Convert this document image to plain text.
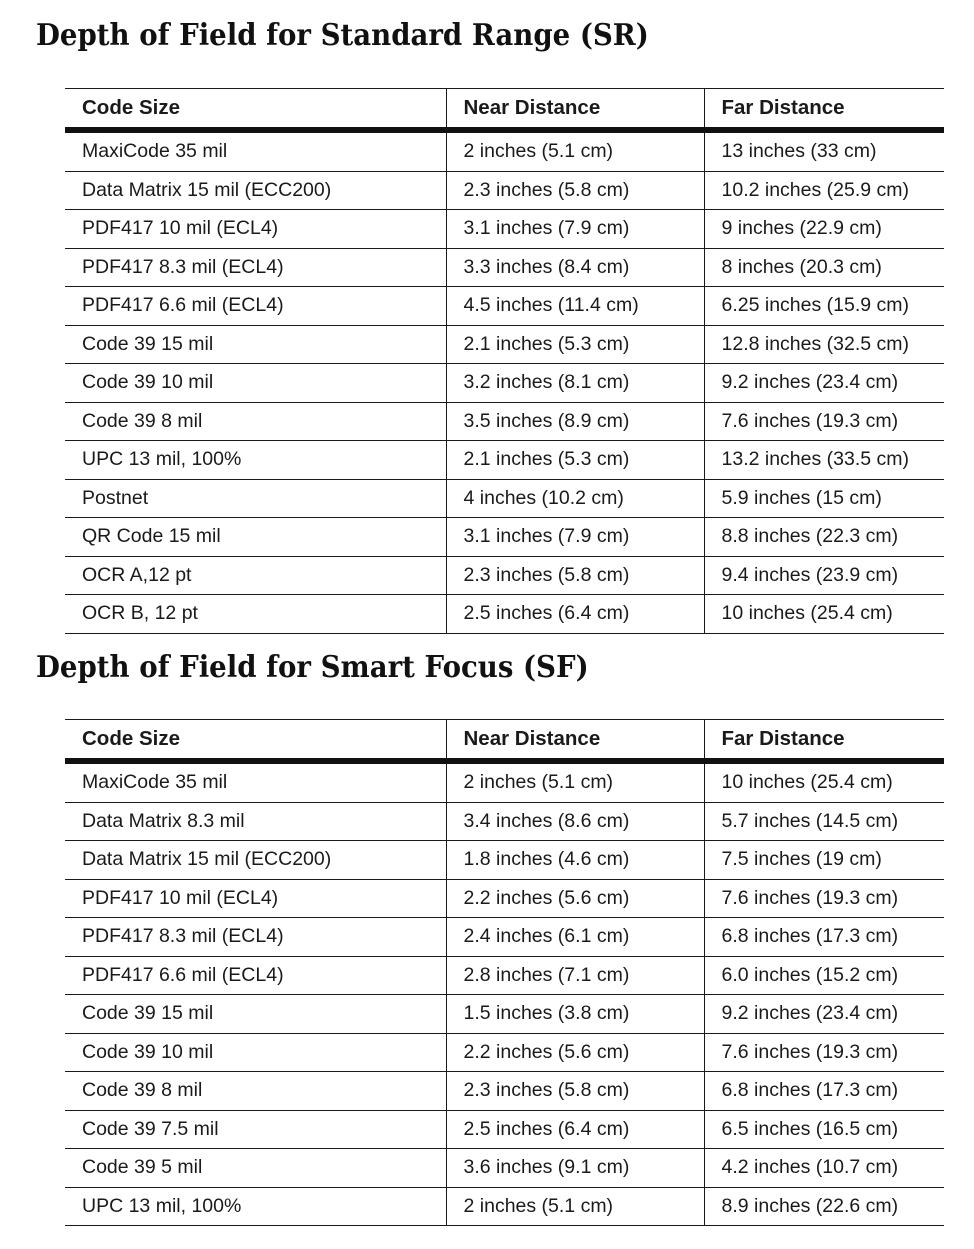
Depth of Field for Standard Range (SR)
Code Size	Near Distance	Far Distance
MaxiCode 35 mil	2 inches (5.1 cm)	13 inches (33 cm)
Data Matrix 15 mil (ECC200)	2.3 inches (5.8 cm)	10.2 inches (25.9 cm)
PDF417 10 mil (ECL4)	3.1 inches (7.9 cm)	9 inches (22.9 cm)
PDF417 8.3 mil (ECL4)	3.3 inches (8.4 cm)	8 inches (20.3 cm)
PDF417 6.6 mil (ECL4)	4.5 inches (11.4 cm)	6.25 inches (15.9 cm)
Code 39 15 mil	2.1 inches (5.3 cm)	12.8 inches (32.5 cm)
Code 39 10 mil	3.2 inches (8.1 cm)	9.2 inches (23.4 cm)
Code 39 8 mil	3.5 inches (8.9 cm)	7.6 inches (19.3 cm)
UPC 13 mil, 100%	2.1 inches (5.3 cm)	13.2 inches (33.5 cm)
Postnet	4 inches (10.2 cm)	5.9 inches (15 cm)
QR Code 15 mil	3.1 inches (7.9 cm)	8.8 inches (22.3 cm)
OCR A,12 pt	2.3 inches (5.8 cm)	9.4 inches (23.9 cm)
OCR B, 12 pt	2.5 inches (6.4 cm)	10 inches (25.4 cm)
Depth of Field for Smart Focus (SF)
Code Size	Near Distance	Far Distance
MaxiCode 35 mil	2 inches (5.1 cm)	10 inches (25.4 cm)
Data Matrix 8.3 mil	3.4 inches (8.6 cm)	5.7 inches (14.5 cm)
Data Matrix 15 mil (ECC200)	1.8 inches (4.6 cm)	7.5 inches (19 cm)
PDF417 10 mil (ECL4)	2.2 inches (5.6 cm)	7.6 inches (19.3 cm)
PDF417 8.3 mil (ECL4)	2.4 inches (6.1 cm)	6.8 inches (17.3 cm)
PDF417 6.6 mil (ECL4)	2.8 inches (7.1 cm)	6.0 inches (15.2 cm)
Code 39 15 mil	1.5 inches (3.8 cm)	9.2 inches (23.4 cm)
Code 39 10 mil	2.2 inches (5.6 cm)	7.6 inches (19.3 cm)
Code 39 8 mil	2.3 inches (5.8 cm)	6.8 inches (17.3 cm)
Code 39 7.5 mil	2.5 inches (6.4 cm)	6.5 inches (16.5 cm)
Code 39 5 mil	3.6 inches (9.1 cm)	4.2 inches (10.7 cm)
UPC 13 mil, 100%	2 inches (5.1 cm)	8.9 inches (22.6 cm)
